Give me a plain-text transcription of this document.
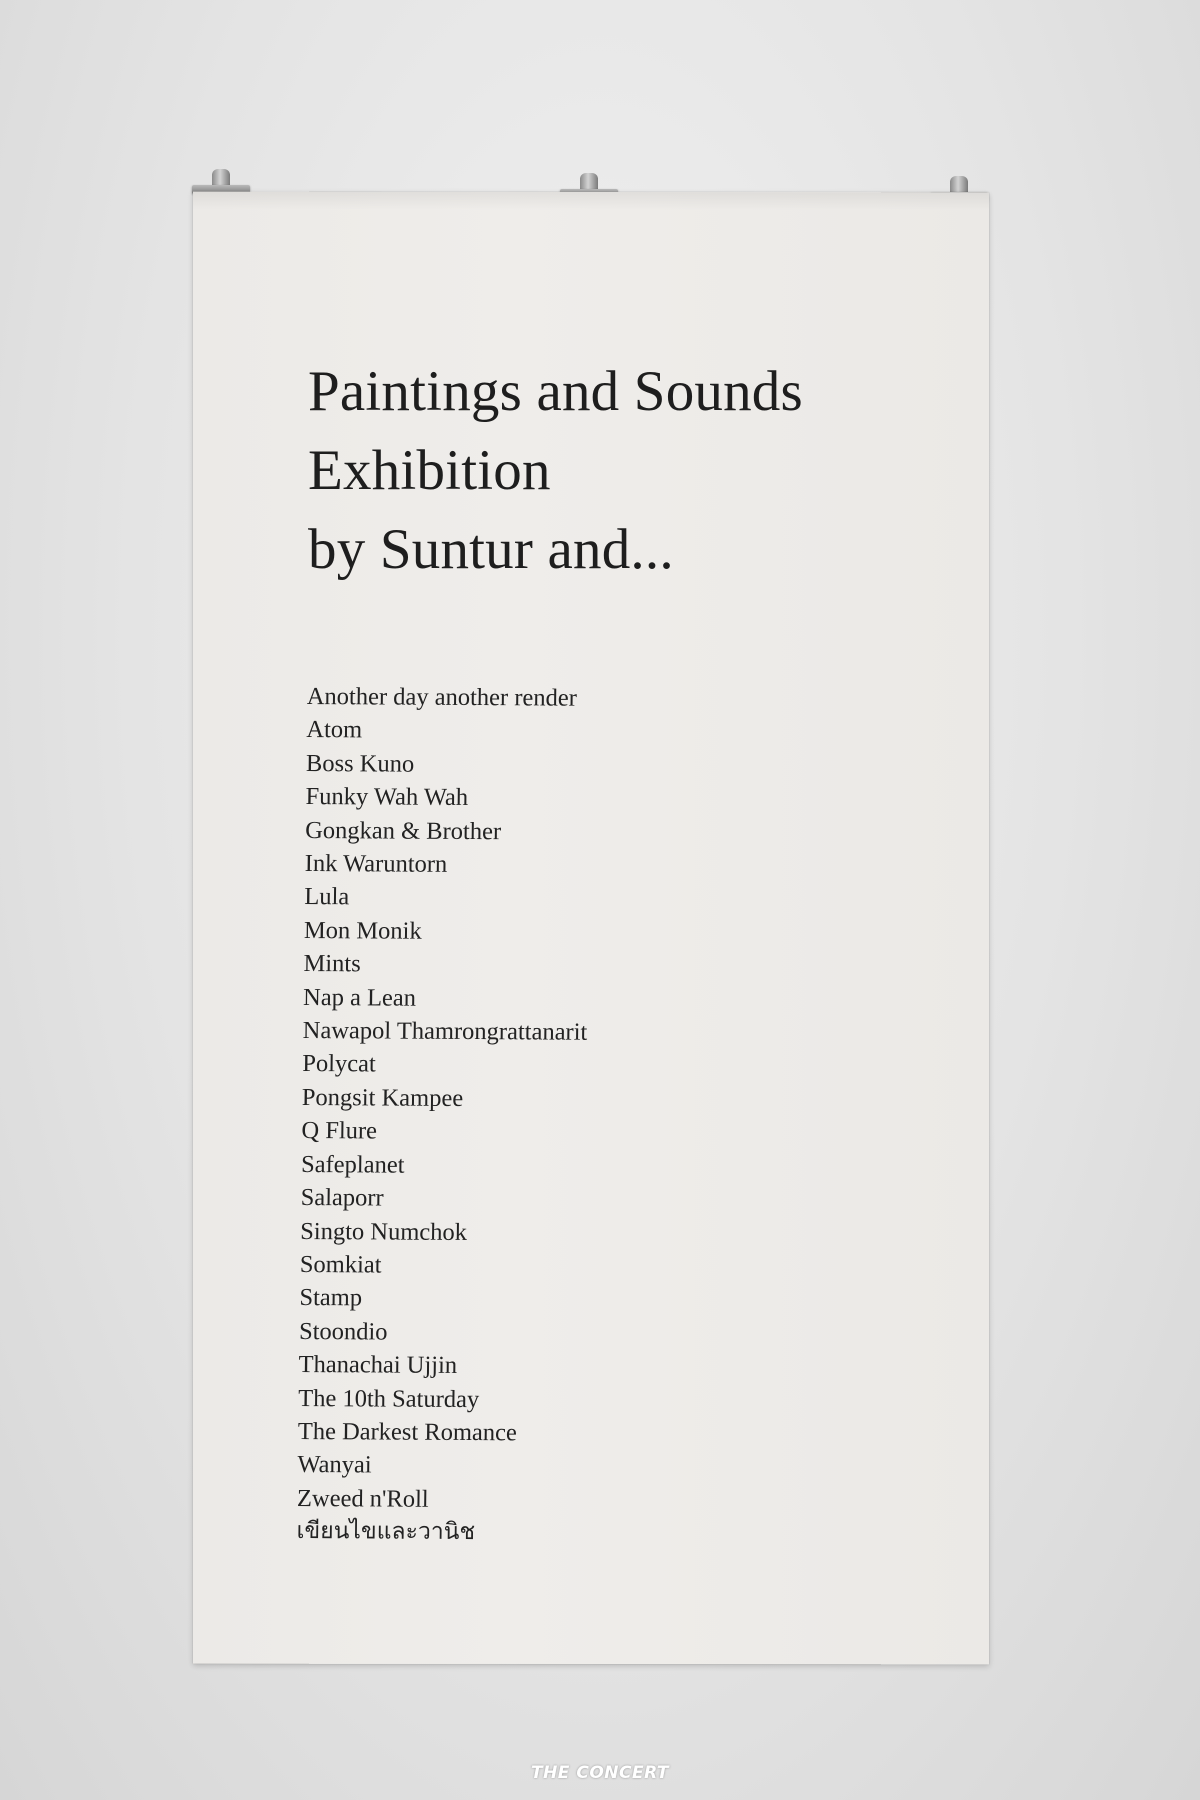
Paintings and Sounds
Exhibition
by Suntur and...
Another day another render
Atom
Boss Kuno
Funky Wah Wah
Gongkan & Brother
Ink Waruntorn
Lula
Mon Monik
Mints
Nap a Lean
Nawapol Thamrongrattanarit
Polycat
Pongsit Kampee
Q Flure
Safeplanet
Salaporr
Singto Numchok
Somkiat
Stamp
Stoondio
Thanachai Ujjin
The 10th Saturday
The Darkest Romance
Wanyai
Zweed n'Roll
เขียนไขและวานิช
THE CONCERT
